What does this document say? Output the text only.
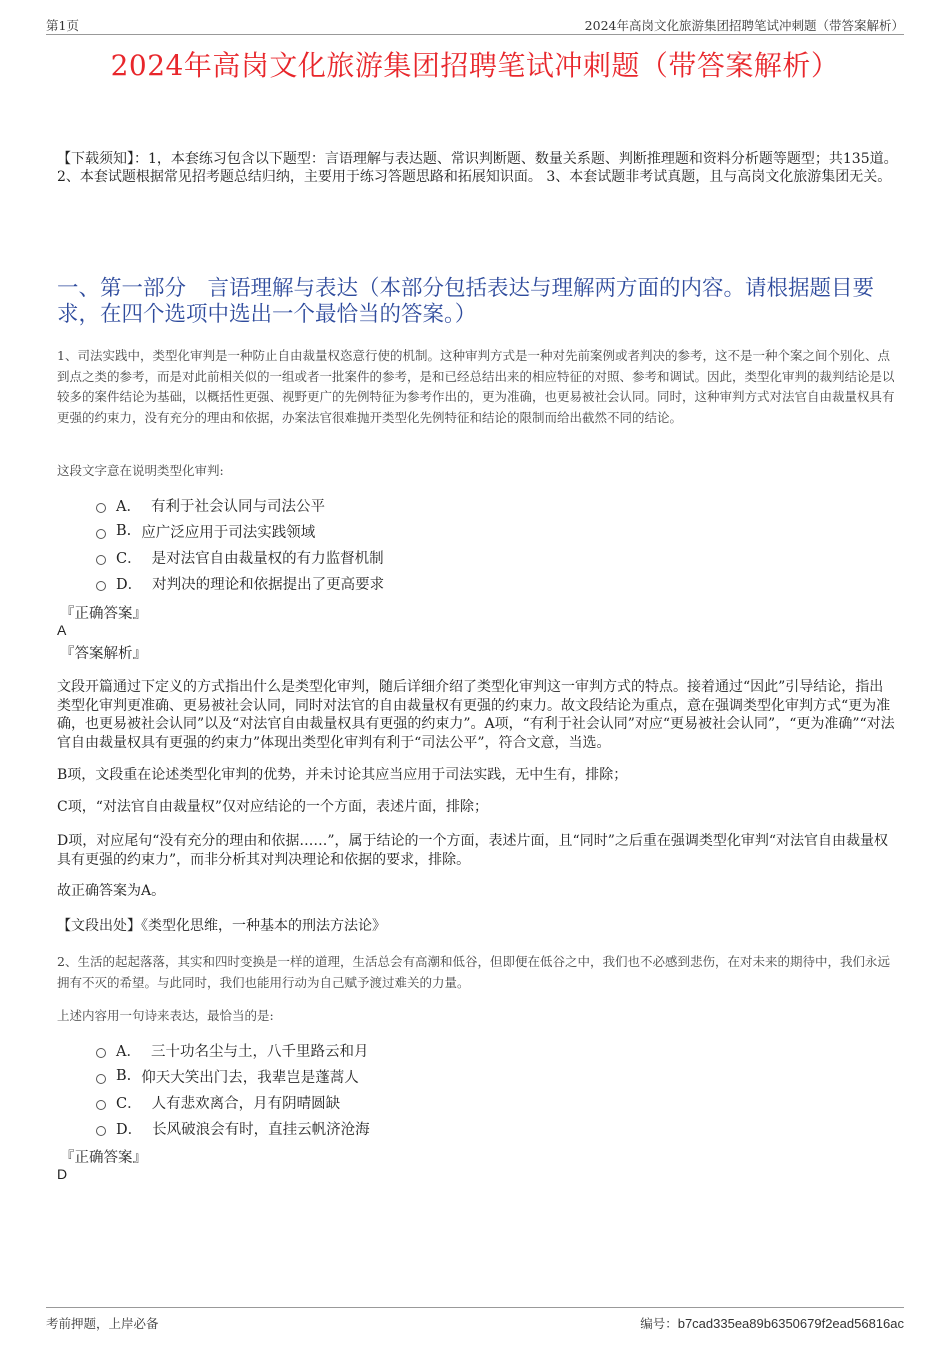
第1页	2024年高岗文化旅游集团招聘笔试冲刺题（带答案解析）
2024年高岗文化旅游集团招聘笔试冲刺题（带答案解析）
【下载须知】：1，本套练习包含以下题型：言语理解与表达题、常识判断题、数量关系题、判断推理题和资料分析题等题型；共135道。 2、本套试题根据常见招考题总结归纳，主要用于练习答题思路和拓展知识面。 3、本套试题非考试真题，且与高岗文化旅游集团无关。
一、第一部分　言语理解与表达（本部分包括表达与理解两方面的内容。请根据题目要求，在四个选项中选出一个最恰当的答案。）
1、司法实践中，类型化审判是一种防止自由裁量权恣意行使的机制。这种审判方式是一种对先前案例或者判决的参考，这不是一种个案之间个别化、点到点之类的参考，而是对此前相关似的一组或者一批案件的参考，是和已经总结出来的相应特征的对照、参考和调试。因此，类型化审判的裁判结论是以较多的案件结论为基础，以概括性更强、视野更广的先例特征为参考作出的，更为准确，也更易被社会认同。同时，这种审判方式对法官自由裁量权具有更强的约束力，没有充分的理由和依据，办案法官很难抛开类型化先例特征和结论的限制而给出截然不同的结论。
这段文字意在说明类型化审判:
A． 有利于社会认同与司法公平
B. 应广泛应用于司法实践领域
C． 是对法官自由裁量权的有力监督机制
D． 对判决的理论和依据提出了更高要求
『正确答案』
A
『答案解析』
文段开篇通过下定义的方式指出什么是类型化审判，随后详细介绍了类型化审判这一审判方式的特点。接着通过“因此”引导结论，指出类型化审判更准确、更易被社会认同，同时对法官的自由裁量权有更强的约束力。故文段结论为重点，意在强调类型化审判方式“更为准确，也更易被社会认同”以及“对法官自由裁量权具有更强的约束力”。A项，“有利于社会认同”对应“更易被社会认同”，“更为准确”“对法官自由裁量权具有更强的约束力”体现出类型化审判有利于“司法公平”，符合文意，当选。
B项，文段重在论述类型化审判的优势，并未讨论其应当应用于司法实践，无中生有，排除；
C项，“对法官自由裁量权”仅对应结论的一个方面，表述片面，排除；
D项，对应尾句“没有充分的理由和依据……”，属于结论的一个方面，表述片面，且“同时”之后重在强调类型化审判“对法官自由裁量权具有更强的约束力”，而非分析其对判决理论和依据的要求，排除。
故正确答案为A。
【文段出处】《类型化思维，一种基本的刑法方法论》
2、生活的起起落落，其实和四时变换是一样的道理，生活总会有高潮和低谷，但即便在低谷之中，我们也不必感到悲伤，在对未来的期待中，我们永远拥有不灭的希望。与此同时，我们也能用行动为自己赋予渡过难关的力量。
上述内容用一句诗来表达，最恰当的是:
A． 三十功名尘与土，八千里路云和月
B. 仰天大笑出门去，我辈岂是蓬蒿人
C． 人有悲欢离合，月有阴晴圆缺
D． 长风破浪会有时，直挂云帆济沧海
『正确答案』
D
考前押题，上岸必备	编号：b7cad335ea89b6350679f2ead56816ac
